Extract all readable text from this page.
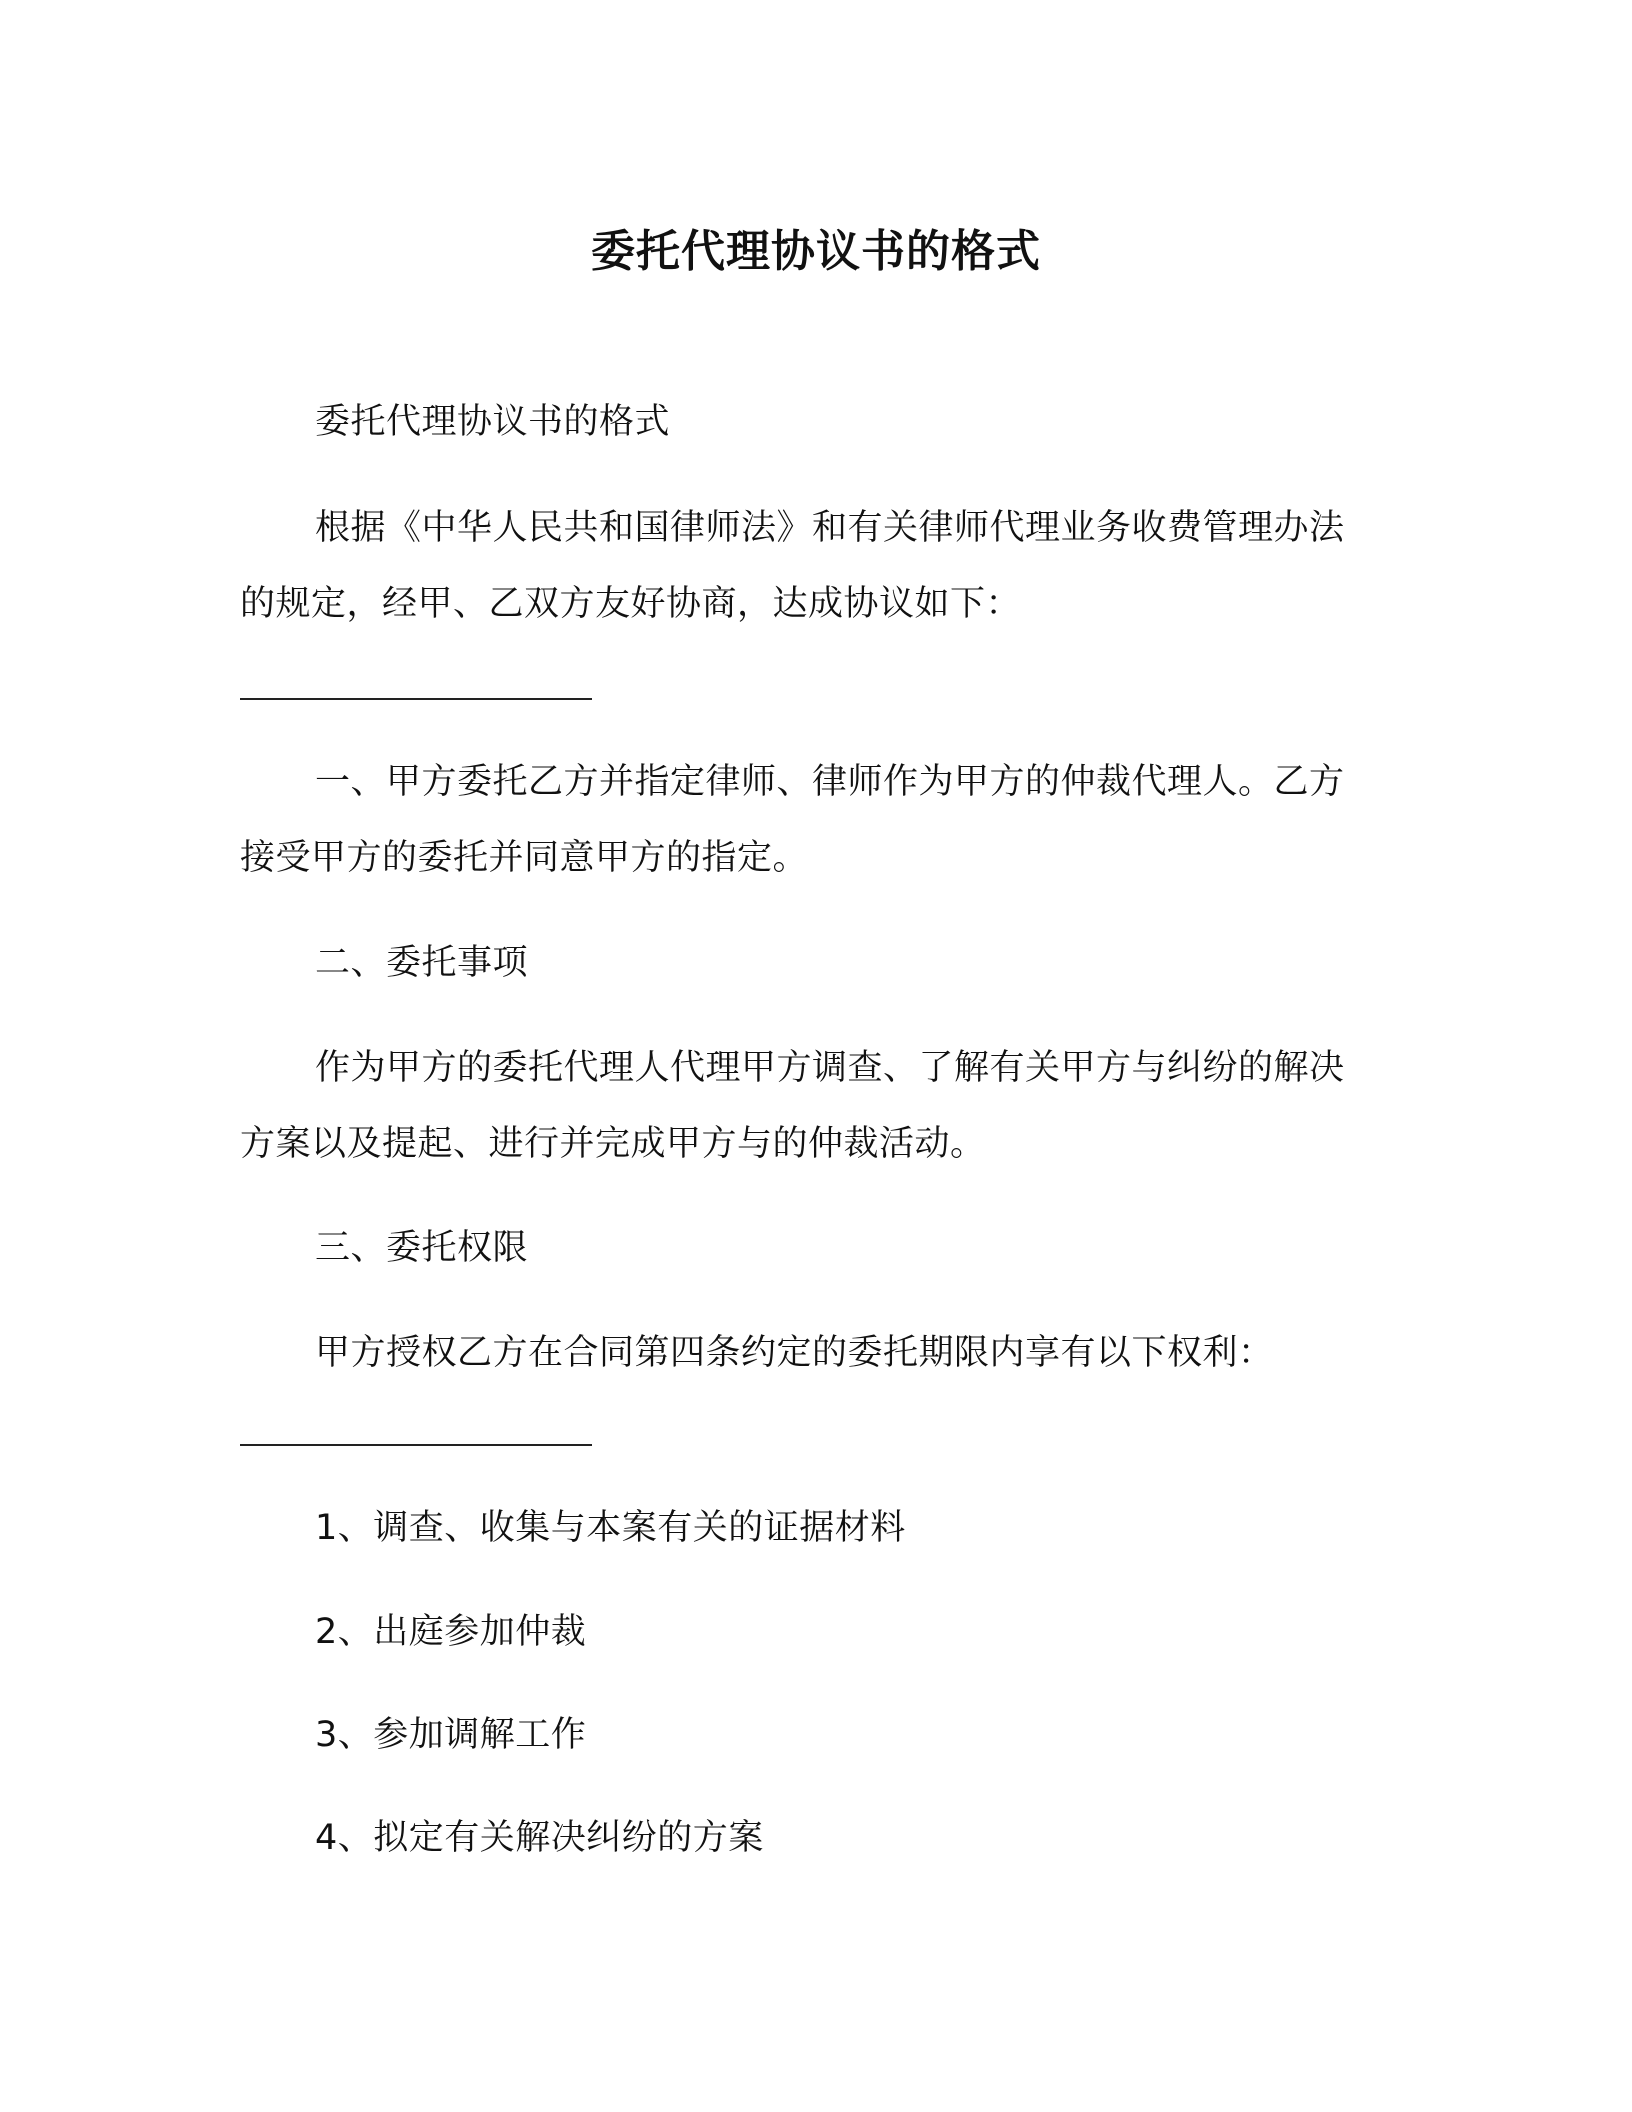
委托代理协议书的格式

委托代理协议书的格式

根据《中华人民共和国律师法》和有关律师代理业务收费管理办法的规定，经甲、乙双方友好协商，达成协议如下：

一、甲方委托乙方并指定律师、律师作为甲方的仲裁代理人。乙方接受甲方的委托并同意甲方的指定。

二、委托事项

作为甲方的委托代理人代理甲方调查、了解有关甲方与纠纷的解决方案以及提起、进行并完成甲方与的仲裁活动。

三、委托权限

甲方授权乙方在合同第四条约定的委托期限内享有以下权利：

1、调查、收集与本案有关的证据材料

2、出庭参加仲裁

3、参加调解工作

4、拟定有关解决纠纷的方案
